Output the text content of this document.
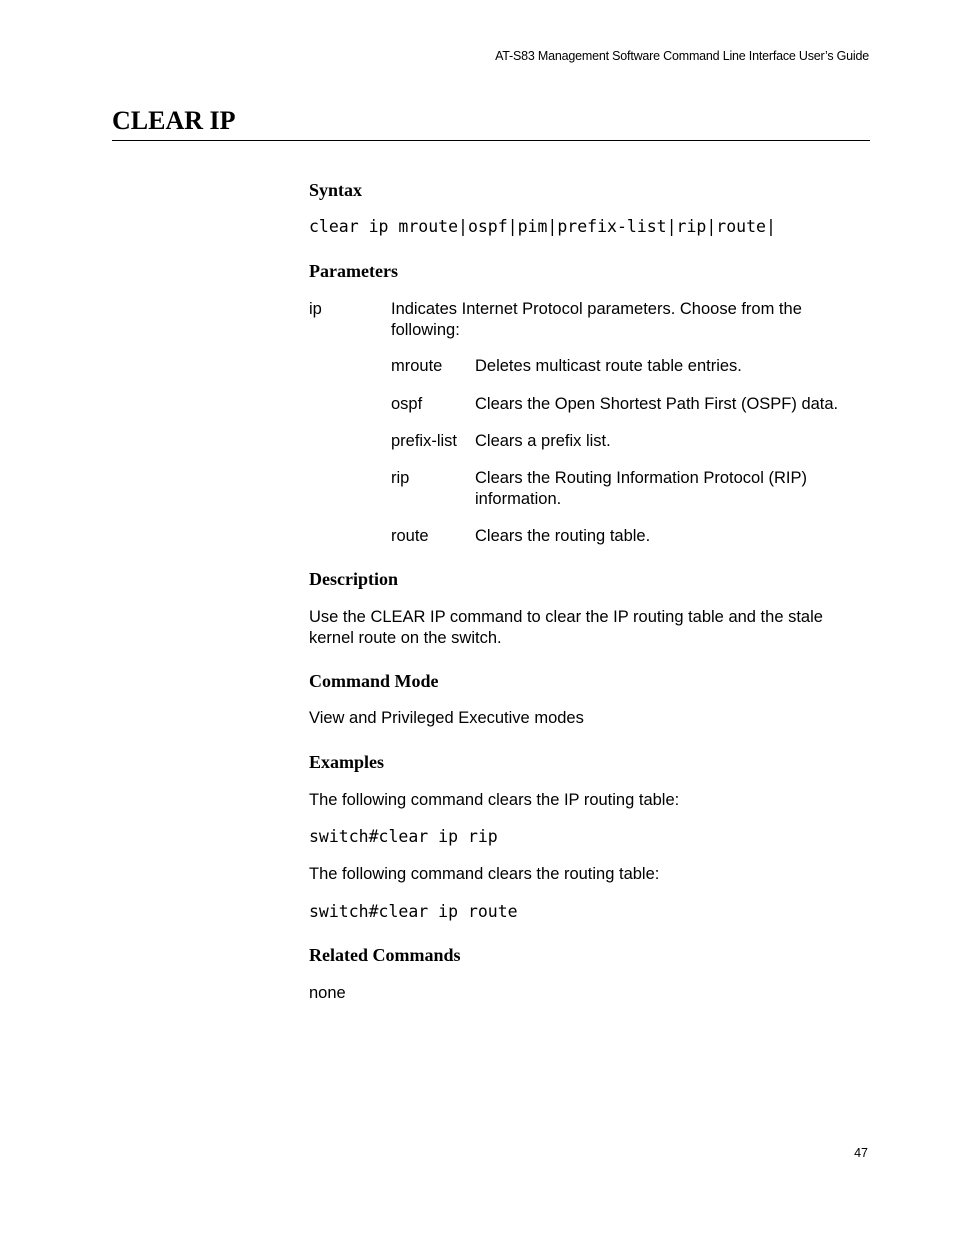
AT-S83 Management Software Command Line Interface User’s Guide
CLEAR IP
Syntax
clear ip mroute|ospf|pim|prefix-list|rip|route|
Parameters
ip	Indicates Internet Protocol parameters. Choose from the following:
mroute Deletes multicast route table entries.
ospf	Clears the Open Shortest Path First (OSPF) data.
prefix-list Clears a prefix list.
rip	Clears the Routing Information Protocol (RIP) information.
route	Clears the routing table.
Description
Use the CLEAR IP command to clear the IP routing table and the stale kernel route on the switch.
Command Mode
View and Privileged Executive modes
Examples
The following command clears the IP routing table:
switch#clear ip rip
The following command clears the routing table:
switch#clear ip route
Related Commands
none
47
